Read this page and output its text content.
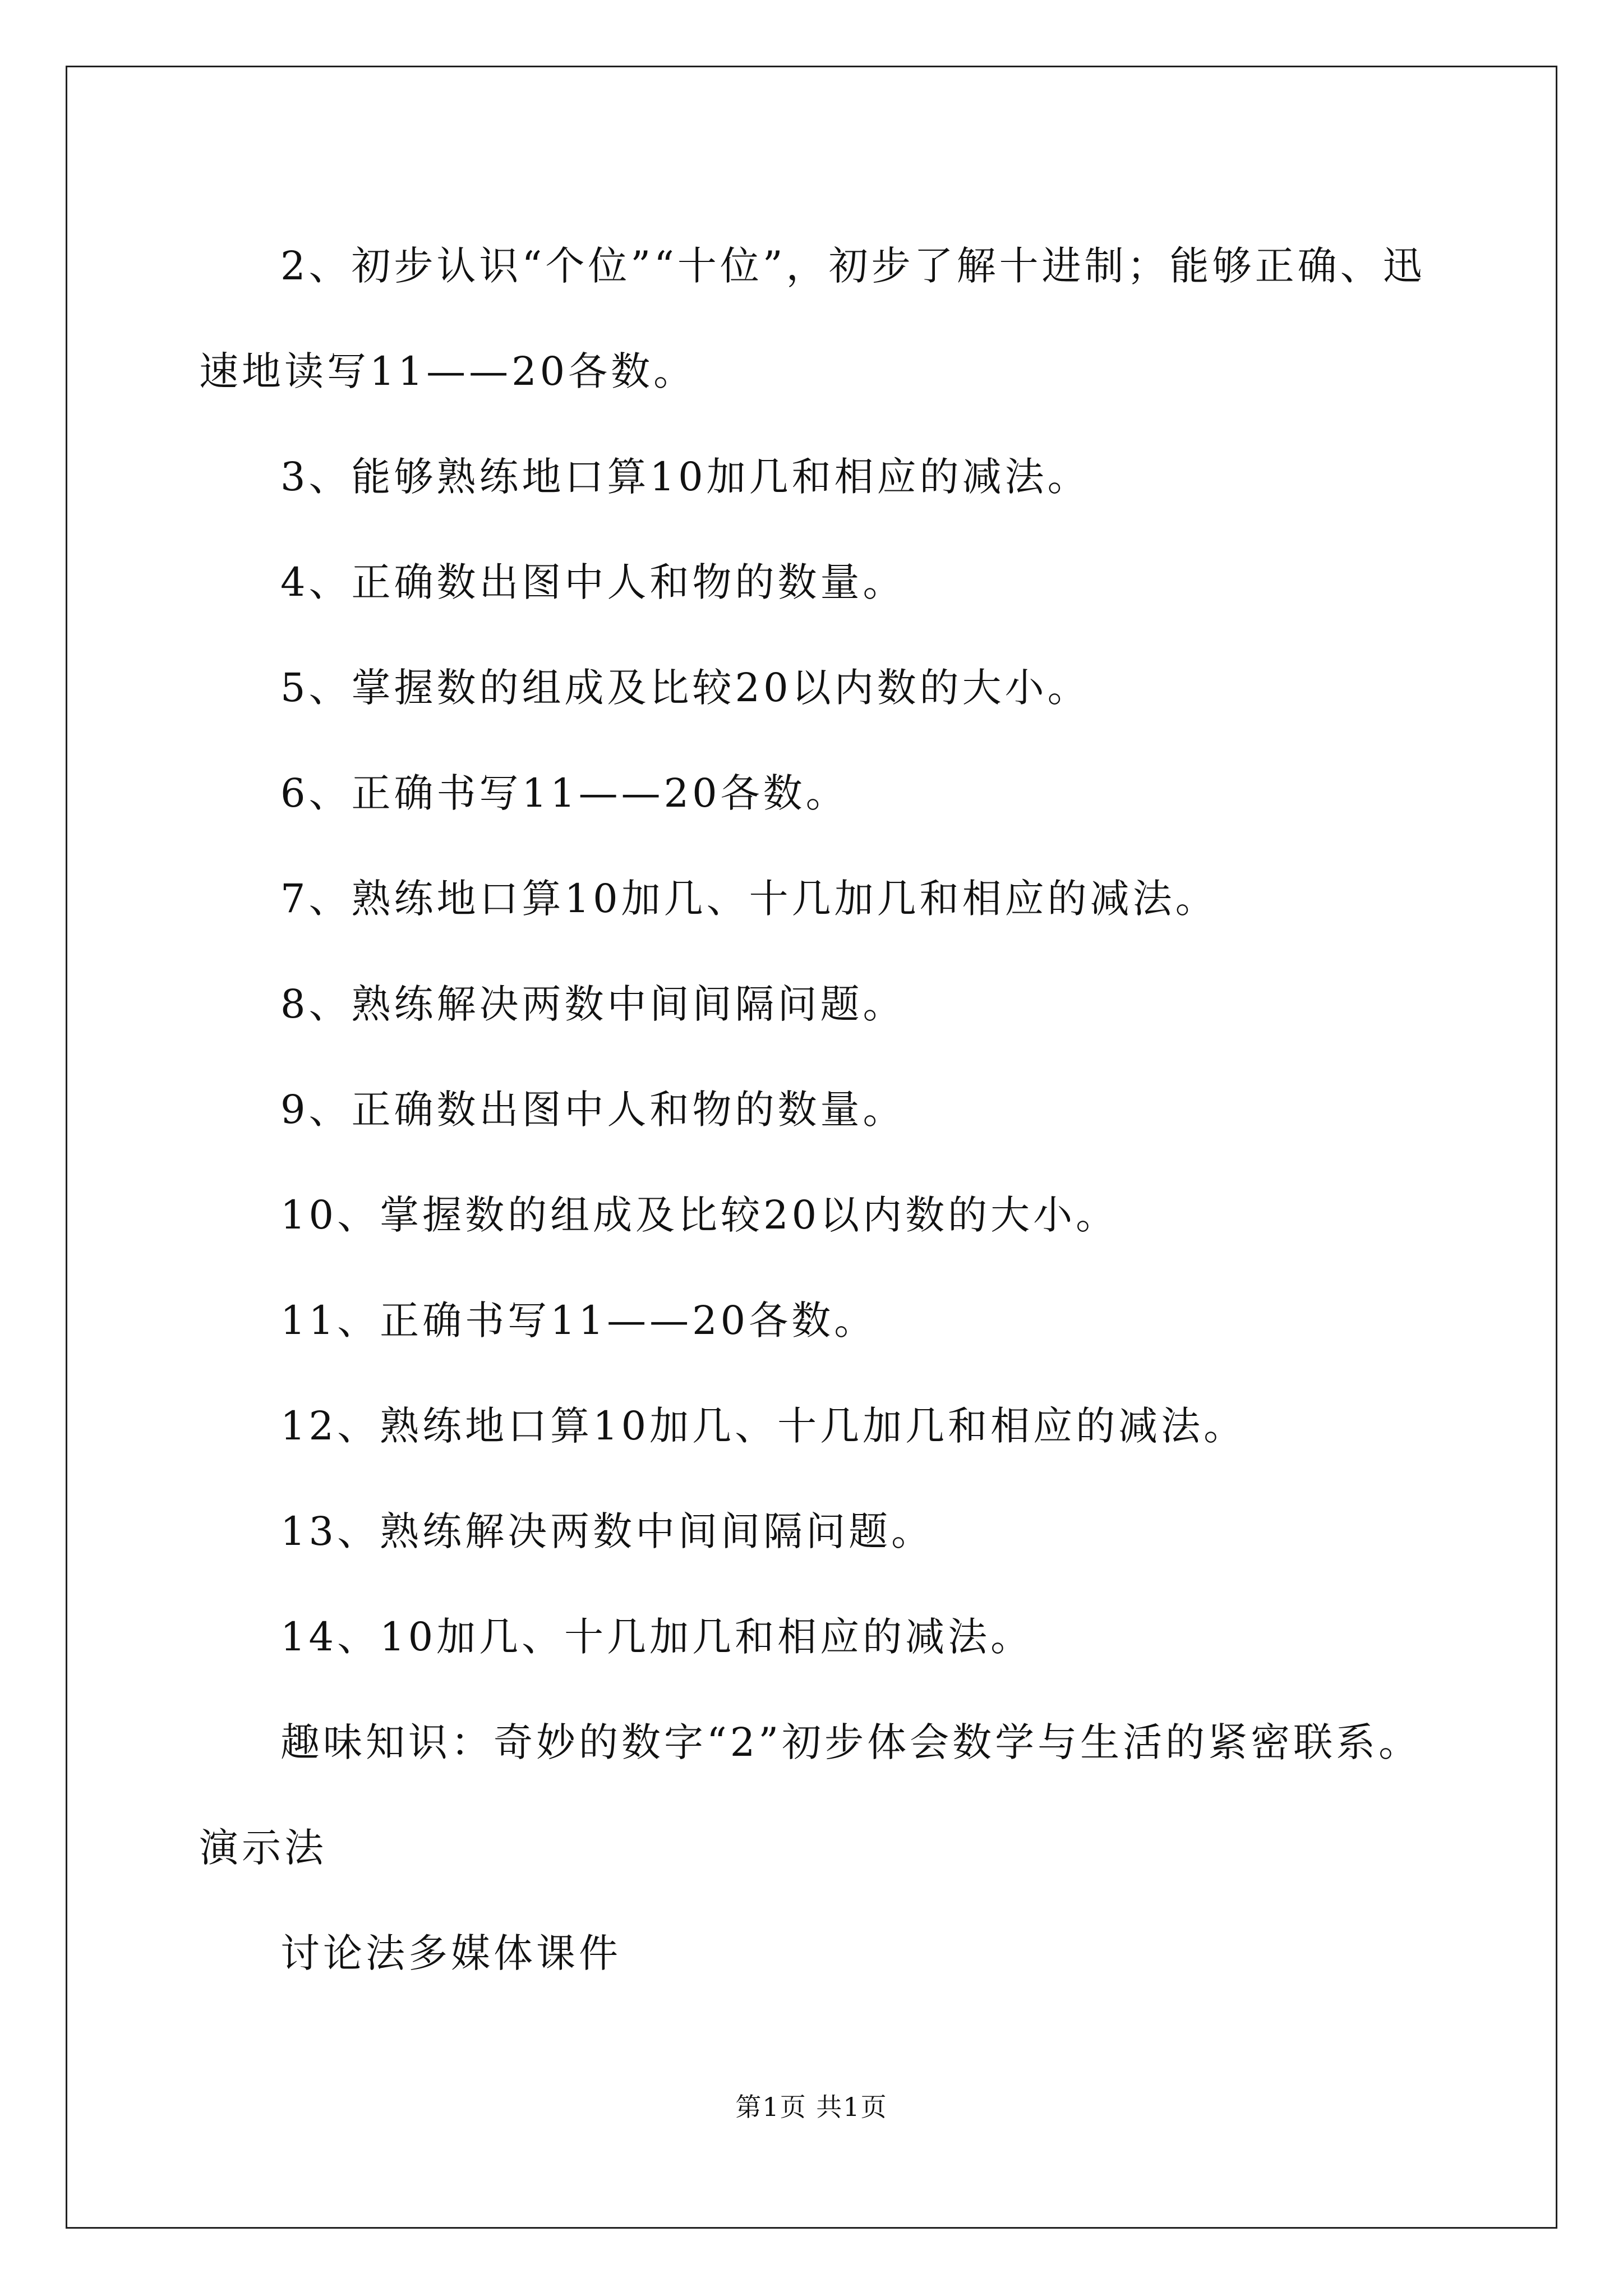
2、初步认识“个位”“十位”，初步了解十进制；能够正确、迅速地读写11——20各数。

3、能够熟练地口算10加几和相应的减法。

4、正确数出图中人和物的数量。

5、掌握数的组成及比较20以内数的大小。

6、正确书写11——20各数。

7、熟练地口算10加几、十几加几和相应的减法。

8、熟练解决两数中间间隔问题。

9、正确数出图中人和物的数量。

10、掌握数的组成及比较20以内数的大小。

11、正确书写11——20各数。

12、熟练地口算10加几、十几加几和相应的减法。

13、熟练解决两数中间间隔问题。

14、10加几、十几加几和相应的减法。

趣味知识：奇妙的数字“2”初步体会数学与生活的紧密联系。演示法

讨论法多媒体课件

第1页 共1页
